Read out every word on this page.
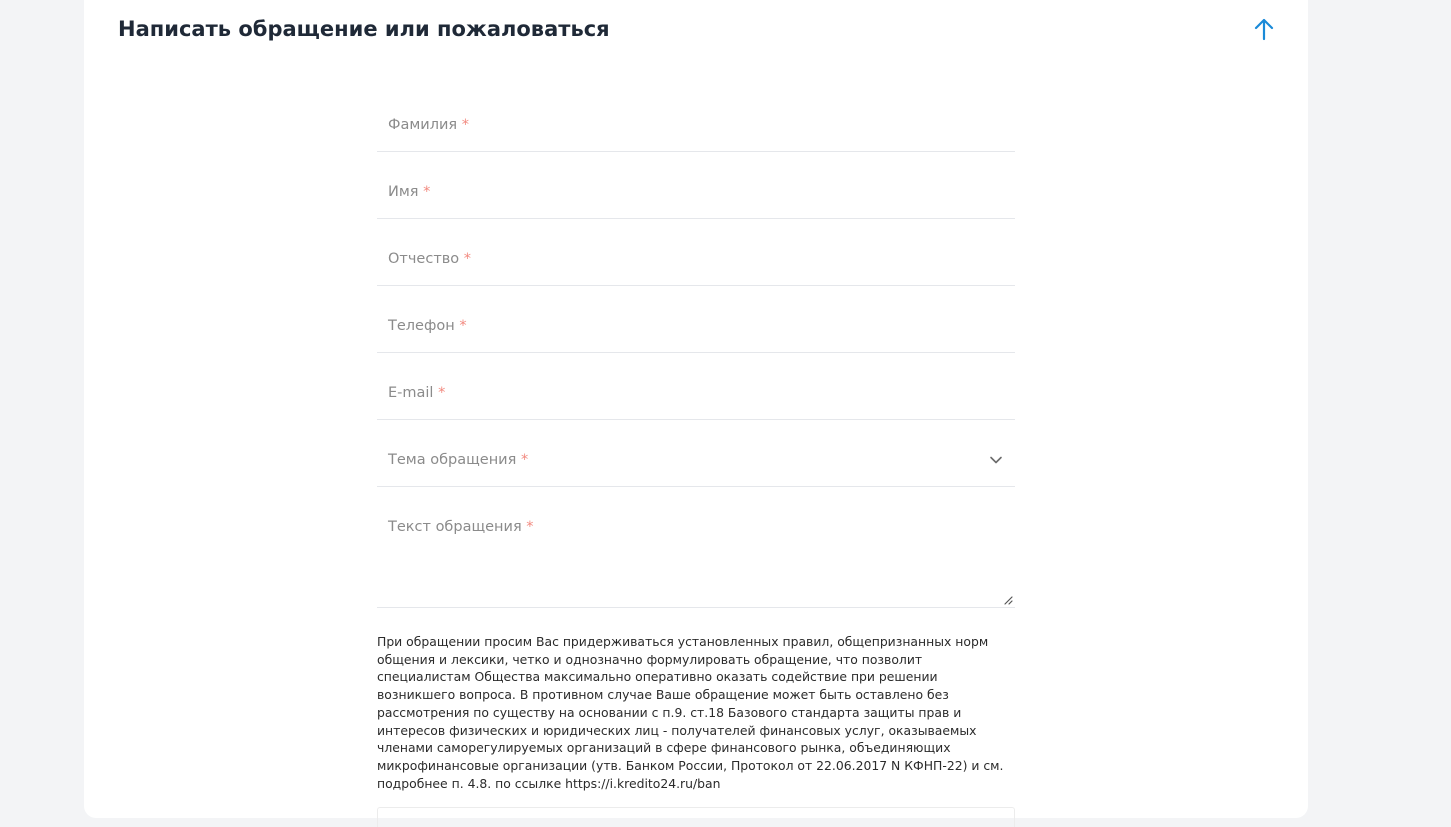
Написать обращение или пожаловаться
Фамилия *
Имя *
Отчество *
Телефон *
E-mail *
Тема обращения *
Текст обращения *

При обращении просим Вас придерживаться установленных правил, общепризнанных норм общения и лексики, четко и однозначно формулировать обращение, что позволит специалистам Общества максимально оперативно оказать содействие при решении возникшего вопроса. В противном случае Ваше обращение может быть оставлено без рассмотрения по существу на основании с п.9. ст.18 Базового стандарта защиты прав и интересов физических и юридических лиц - получателей финансовых услуг, оказываемых членами саморегулируемых организаций в сфере финансового рынка, объединяющих микрофинансовые организации (утв. Банком России, Протокол от 22.06.2017 N КФНП-22) и см. подробнее п. 4.8. по ссылке https://i.kredito24.ru/ban
